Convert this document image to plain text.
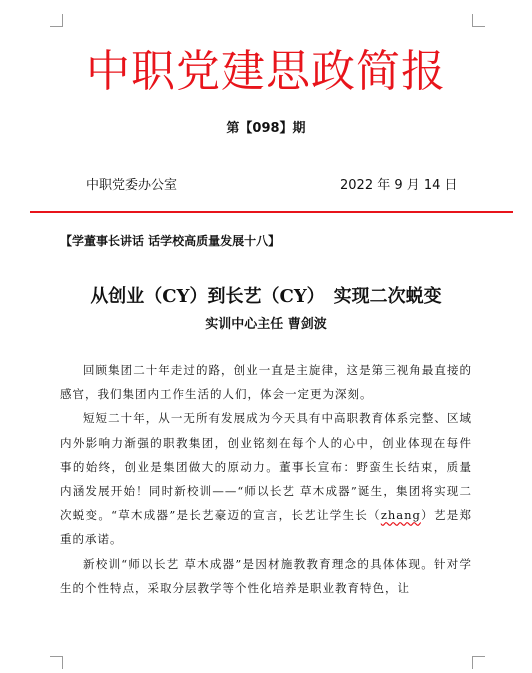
中职党建思政简报
第【098】期
中职党委办公室	2022 年 9 月 14 日
【学董事长讲话 话学校高质量发展十八】
从创业（CY）到长艺（CY）　实现二次蜕变
实训中心主任 曹剑波

回顾集团二十年走过的路，创业一直是主旋律，这是第三视角最直接的感官，我们集团内工作生活的人们，体会一定更为深刻。

短短二十年，从一无所有发展成为今天具有中高职教育体系完整、区域内外影响力渐强的职教集团，创业铭刻在每个人的心中，创业体现在每件事的始终，创业是集团做大的原动力。董事长宣布：野蛮生长结束，质量内涵发展开始！同时新校训——“师以长艺 草木成器”诞生，集团将实现二次蜕变。“草木成器”是长艺豪迈的宣言，长艺让学生长（zhang）艺是郑重的承诺。

新校训“师以长艺 草木成器”是因材施教教育理念的具体体现。针对学生的个性特点，采取分层教学等个性化培养是职业教育特色，让
